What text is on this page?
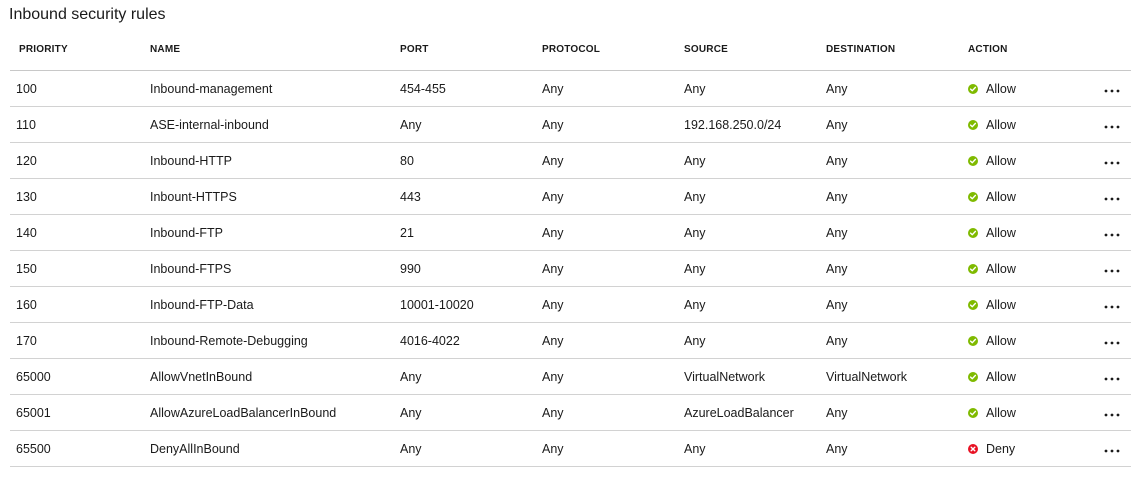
Inbound security rules
PRIORITY	NAME	PORT	PROTOCOL	SOURCE	DESTINATION	ACTION
100	Inbound-management	454-455	Any	Any	Any	Allow
110	ASE-internal-inbound	Any	Any	192.168.250.0/24	Any	Allow
120	Inbound-HTTP	80	Any	Any	Any	Allow
130	Inbount-HTTPS	443	Any	Any	Any	Allow
140	Inbound-FTP	21	Any	Any	Any	Allow
150	Inbound-FTPS	990	Any	Any	Any	Allow
160	Inbound-FTP-Data	10001-10020	Any	Any	Any	Allow
170	Inbound-Remote-Debugging	4016-4022	Any	Any	Any	Allow
65000	AllowVnetInBound	Any	Any	VirtualNetwork	VirtualNetwork	Allow
65001	AllowAzureLoadBalancerInBound	Any	Any	AzureLoadBalancer	Any	Allow
65500	DenyAllInBound	Any	Any	Any	Any	Deny
